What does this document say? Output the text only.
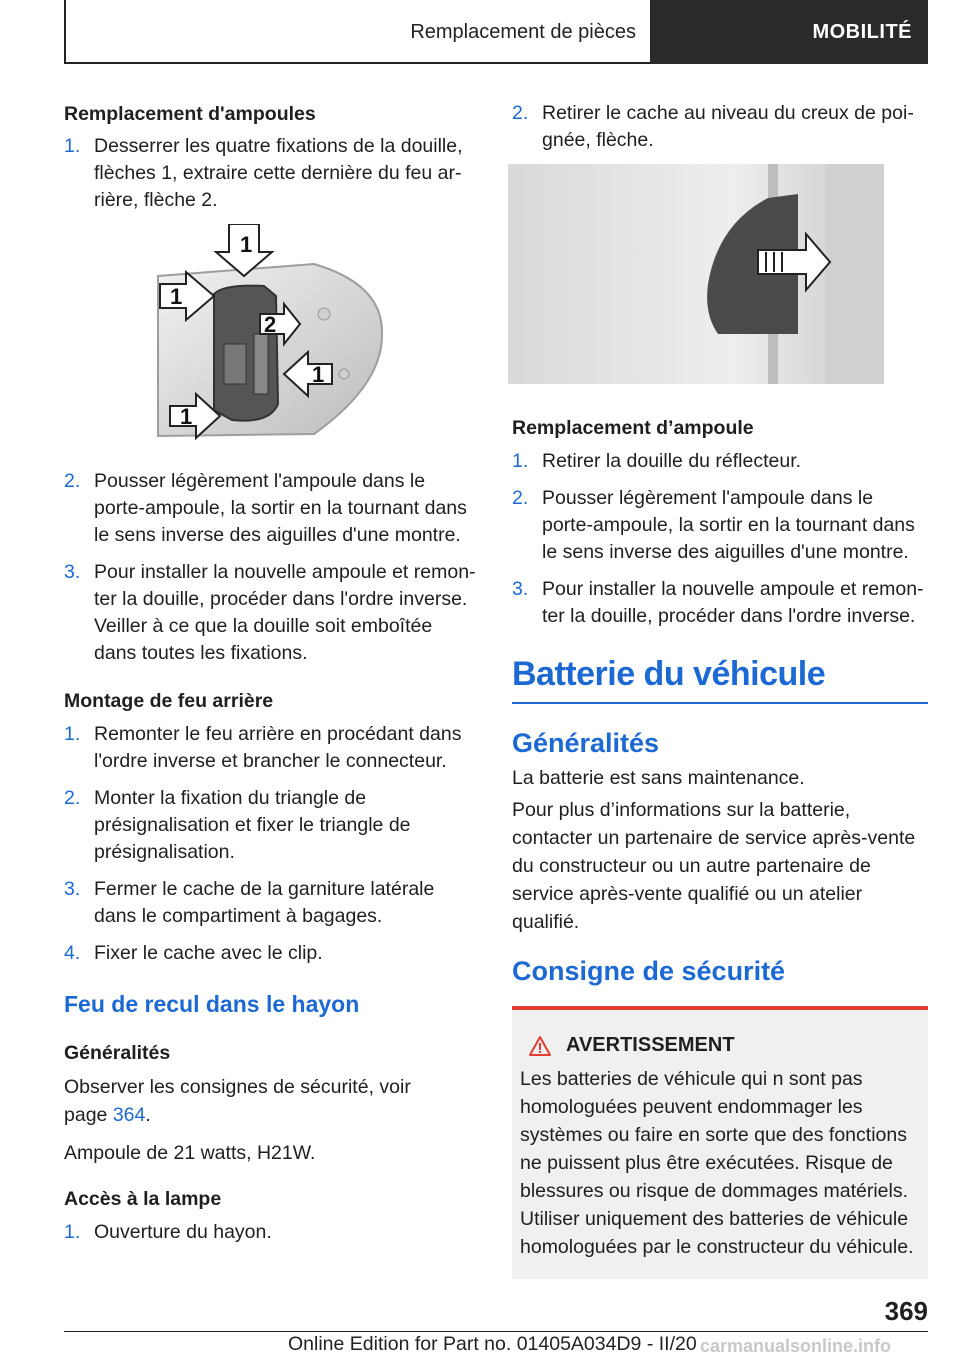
Remplacement de pièces	MOBILITÉ

Remplacement d'ampoules

1. Desserrer les quatre fixations de la douille, flèches 1, extraire cette dernière du feu arrière, flèche 2.
1
1
2
1
1
2. Pousser légèrement l'ampoule dans le porte-ampoule, la sortir en la tournant dans le sens inverse des aiguilles d'une montre.
3. Pour installer la nouvelle ampoule et remonter la douille, procéder dans l'ordre inverse. Veiller à ce que la douille soit emboîtée dans toutes les fixations.

Montage de feu arrière

1. Remonter le feu arrière en procédant dans l'ordre inverse et brancher le connecteur.
2. Monter la fixation du triangle de présignalisation et fixer le triangle de présignalisation.
3. Fermer le cache de la garniture latérale dans le compartiment à bagages.
4. Fixer le cache avec le clip.
Feu de recul dans le hayon

Généralités

Observer les consignes de sécurité, voir page 364.

Ampoule de 21 watts, H21W.

Accès à la lampe

1. Ouverture du hayon.
2. Retirer le cache au niveau du creux de poignée, flèche.

Remplacement d’ampoule

1. Retirer la douille du réflecteur.
2. Pousser légèrement l'ampoule dans le porte-ampoule, la sortir en la tournant dans le sens inverse des aiguilles d'une montre.
3. Pour installer la nouvelle ampoule et remonter la douille, procéder dans l'ordre inverse.
Batterie du véhicule
Généralités

La batterie est sans maintenance.

Pour plus d’informations sur la batterie, contacter un partenaire de service après-vente du constructeur ou un autre partenaire de service après-vente qualifié ou un atelier qualifié.

Consigne de sécurité
AVERTISSEMENT

Les batteries de véhicule qui n sont pas homologuées peuvent endommager les systèmes ou faire en sorte que des fonctions ne puissent plus être exécutées. Risque de blessures ou risque de dommages matériels. Utiliser uniquement des batteries de véhicule homologuées par le constructeur du véhicule.

369
Online Edition for Part no. 01405A034D9 - II/20 carmanualsonline.info
